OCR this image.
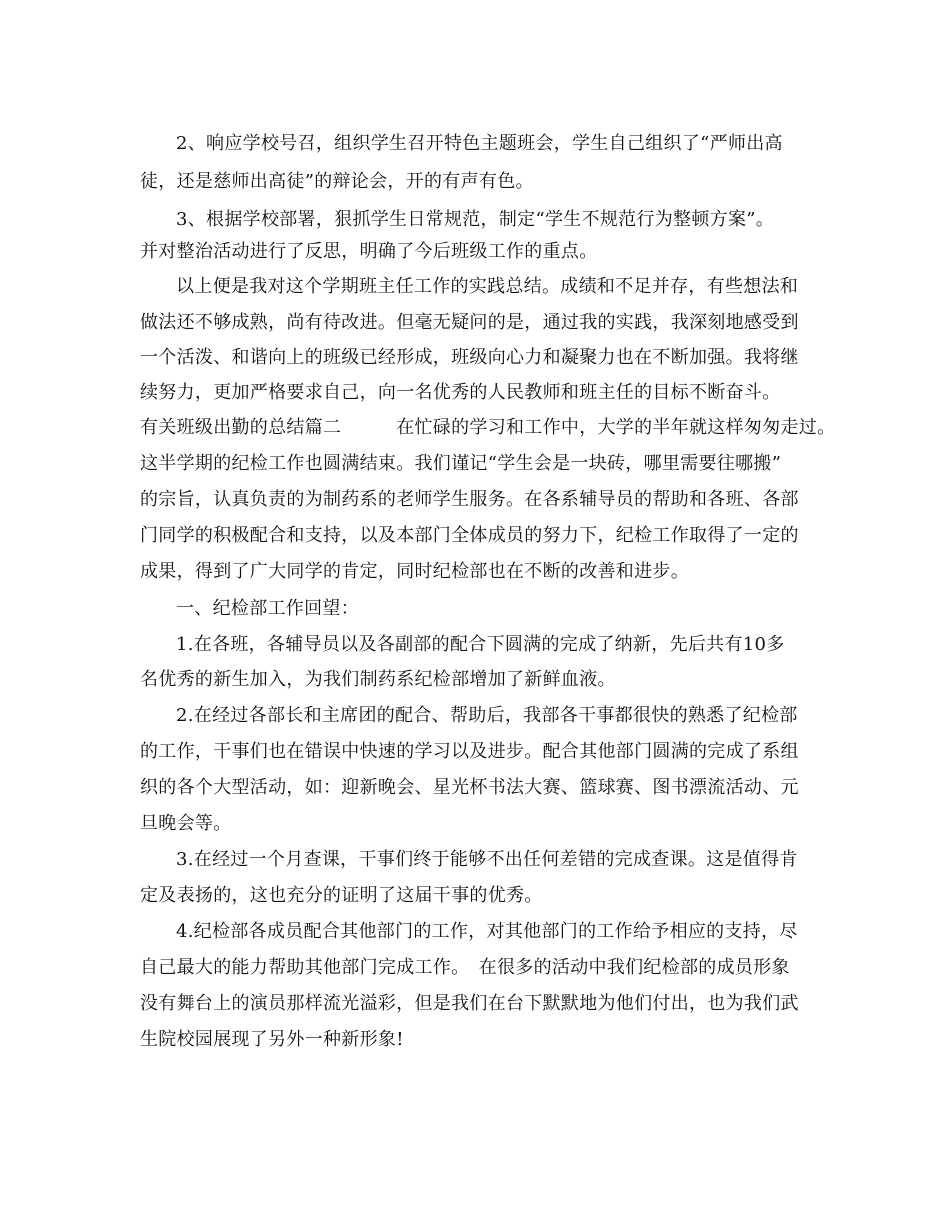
2、响应学校号召，组织学生召开特色主题班会，学生自己组织了“严师出高
徒，还是慈师出高徒”的辩论会，开的有声有色。
3、根据学校部署，狠抓学生日常规范，制定“学生不规范行为整顿方案”。
并对整治活动进行了反思，明确了今后班级工作的重点。
以上便是我对这个学期班主任工作的实践总结。成绩和不足并存，有些想法和
做法还不够成熟，尚有待改进。但毫无疑问的是，通过我的实践，我深刻地感受到
一个活泼、和谐向上的班级已经形成，班级向心力和凝聚力也在不断加强。我将继
续努力，更加严格要求自己，向一名优秀的人民教师和班主任的目标不断奋斗。
有关班级出勤的总结篇二　　　在忙碌的学习和工作中，大学的半年就这样匆匆走过。
这半学期的纪检工作也圆满结束。我们谨记“学生会是一块砖，哪里需要往哪搬”
的宗旨，认真负责的为制药系的老师学生服务。在各系辅导员的帮助和各班、各部
门同学的积极配合和支持，以及本部门全体成员的努力下，纪检工作取得了一定的
成果，得到了广大同学的肯定，同时纪检部也在不断的改善和进步。
一、纪检部工作回望：
1.在各班，各辅导员以及各副部的配合下圆满的完成了纳新，先后共有10多
名优秀的新生加入，为我们制药系纪检部增加了新鲜血液。
2.在经过各部长和主席团的配合、帮助后，我部各干事都很快的熟悉了纪检部
的工作，干事们也在错误中快速的学习以及进步。配合其他部门圆满的完成了系组
织的各个大型活动，如：迎新晚会、星光杯书法大赛、篮球赛、图书漂流活动、元
旦晚会等。
3.在经过一个月查课，干事们终于能够不出任何差错的完成查课。这是值得肯
定及表扬的，这也充分的证明了这届干事的优秀。
4.纪检部各成员配合其他部门的工作，对其他部门的工作给予相应的支持，尽
自己最大的能力帮助其他部门完成工作。　在很多的活动中我们纪检部的成员形象
没有舞台上的演员那样流光溢彩，但是我们在台下默默地为他们付出，也为我们武
生院校园展现了另外一种新形象!
